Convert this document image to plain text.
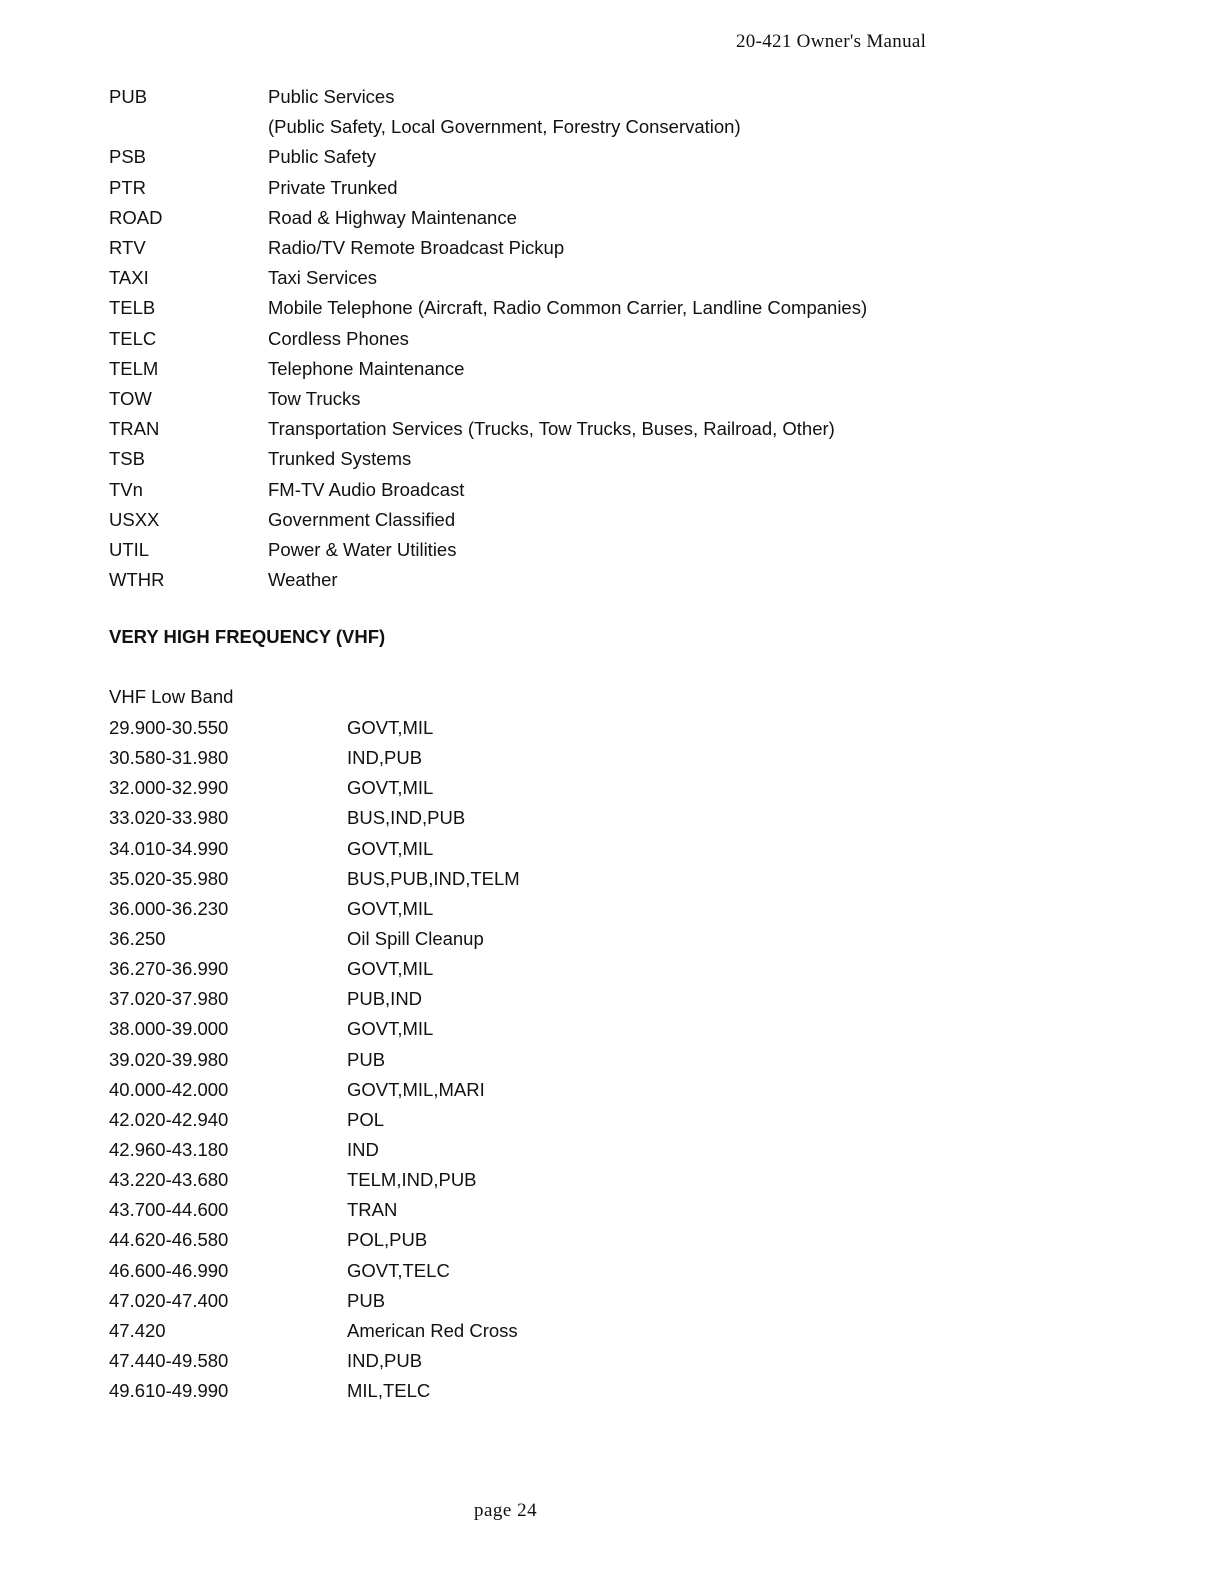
20-421 Owner's Manual
PUB	Public Services
(Public Safety, Local Government, Forestry Conservation)
PSB	Public Safety
PTR	Private Trunked
ROAD	Road & Highway Maintenance
RTV	Radio/TV Remote Broadcast Pickup
TAXI	Taxi Services
TELB	Mobile Telephone (Aircraft, Radio Common Carrier, Landline Companies)
TELC	Cordless Phones
TELM	Telephone Maintenance
TOW	Tow Trucks
TRAN	Transportation Services (Trucks, Tow Trucks, Buses, Railroad, Other)
TSB	Trunked Systems
TVn	FM-TV Audio Broadcast
USXX	Government Classified
UTIL	Power & Water Utilities
WTHR	Weather
VERY HIGH FREQUENCY (VHF)
VHF Low Band
29.900-30.550	GOVT,MIL
30.580-31.980	IND,PUB
32.000-32.990	GOVT,MIL
33.020-33.980	BUS,IND,PUB
34.010-34.990	GOVT,MIL
35.020-35.980	BUS,PUB,IND,TELM
36.000-36.230	GOVT,MIL
36.250	Oil Spill Cleanup
36.270-36.990	GOVT,MIL
37.020-37.980	PUB,IND
38.000-39.000	GOVT,MIL
39.020-39.980	PUB
40.000-42.000	GOVT,MIL,MARI
42.020-42.940	POL
42.960-43.180	IND
43.220-43.680	TELM,IND,PUB
43.700-44.600	TRAN
44.620-46.580	POL,PUB
46.600-46.990	GOVT,TELC
47.020-47.400	PUB
47.420	American Red Cross
47.440-49.580	IND,PUB
49.610-49.990	MIL,TELC
page 24
